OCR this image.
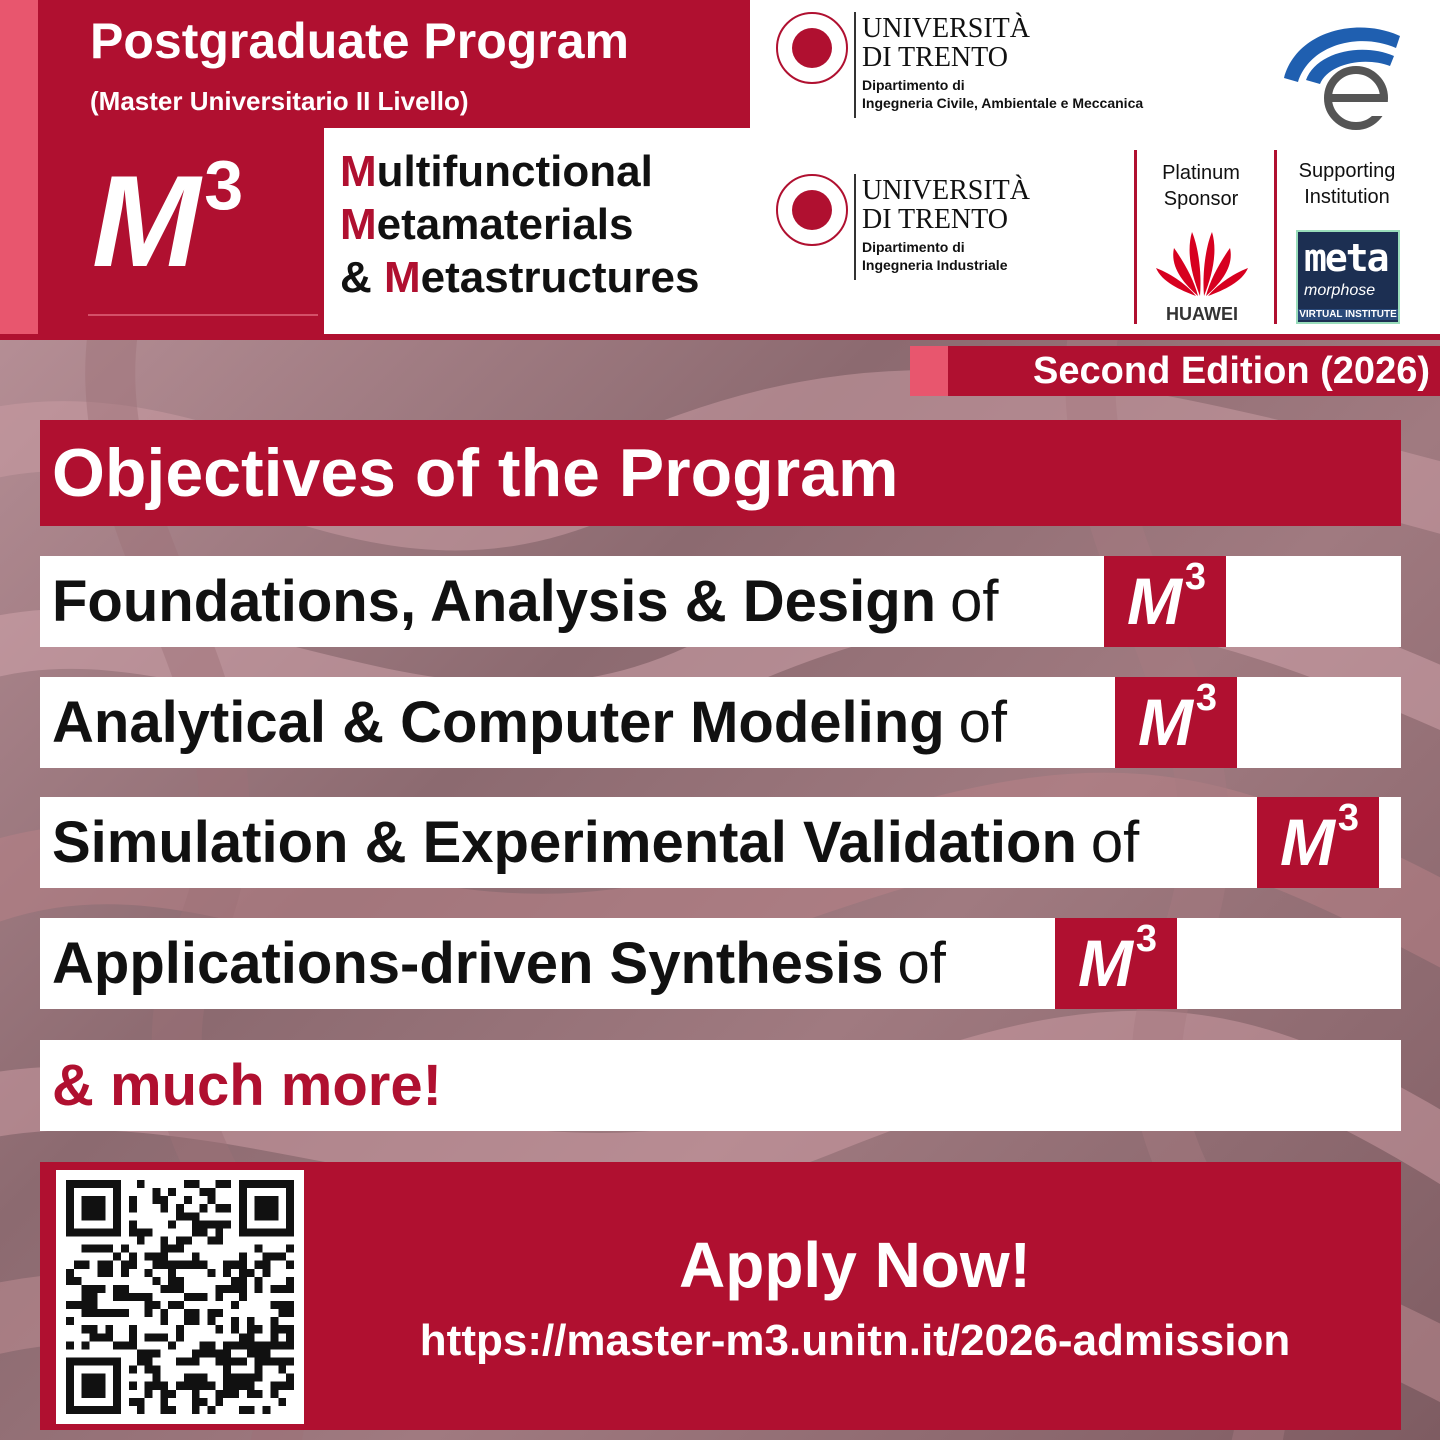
Postgraduate Program
(Master Universitario II Livello)
M $^3$ Multifunctional
Metamaterials
& Metastructures
UNIVERSITÀ
DI TRENTO
Dipartimento di
Ingegneria Civile, Ambientale e Meccanica
UNIVERSITÀ
DI TRENTO
Dipartimento di
Ingegneria Industriale
Platinum
Sponsor
HUAWEI
Supporting
Institution
meta
morphose
VIRTUAL INSTITUTE
Second Edition (2026)
Objectives of the Program
Foundations, Analysis & Design of	M $^3$
Analytical & Computer Modeling of	M $^3$
Simulation & Experimental Validation of	M $^3$
Applications-driven Synthesis of	M $^3$
& much more!
Apply Now!
https://master-m3.unitn.it/2026-admission
